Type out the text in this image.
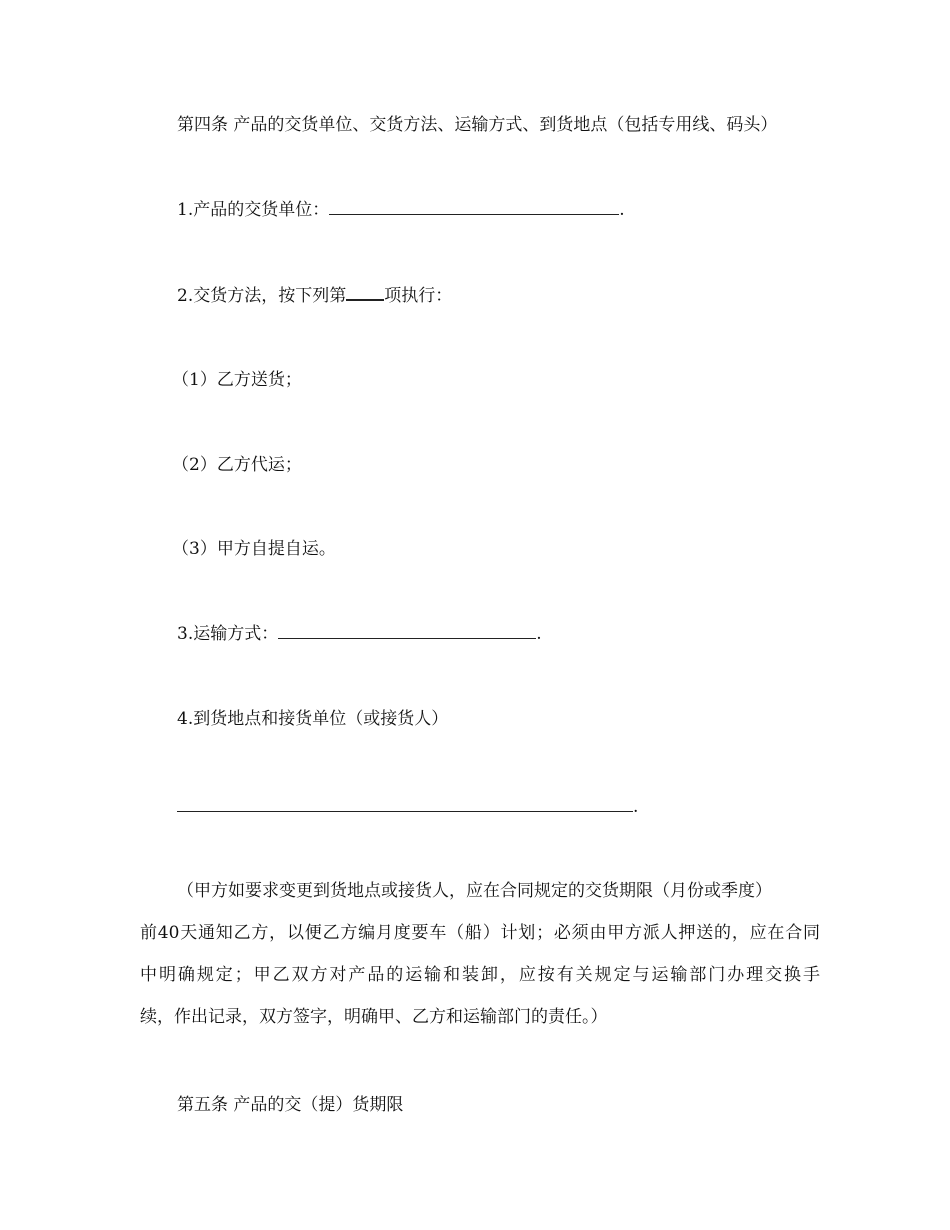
第四条 产品的交货单位、交货方法、运输方式、到货地点（包括专用线、码头）
1.产品的交货单位：	.
2.交货方法，按下列第 项执行：
（1）乙方送货；
（2）乙方代运；
（3）甲方自提自运。
3.运输方式：	.
4.到货地点和接货单位（或接货人）
.
（甲方如要求变更到货地点或接货人，应在合同规定的交货期限（月份或季度）
前40天通知乙方，以便乙方编月度要车（船）计划；必须由甲方派人押送的，应在合同
中明确规定；甲乙双方对产品的运输和装卸，应按有关规定与运输部门办理交换手
续，作出记录，双方签字，明确甲、乙方和运输部门的责任。）
第五条 产品的交（提）货期限
